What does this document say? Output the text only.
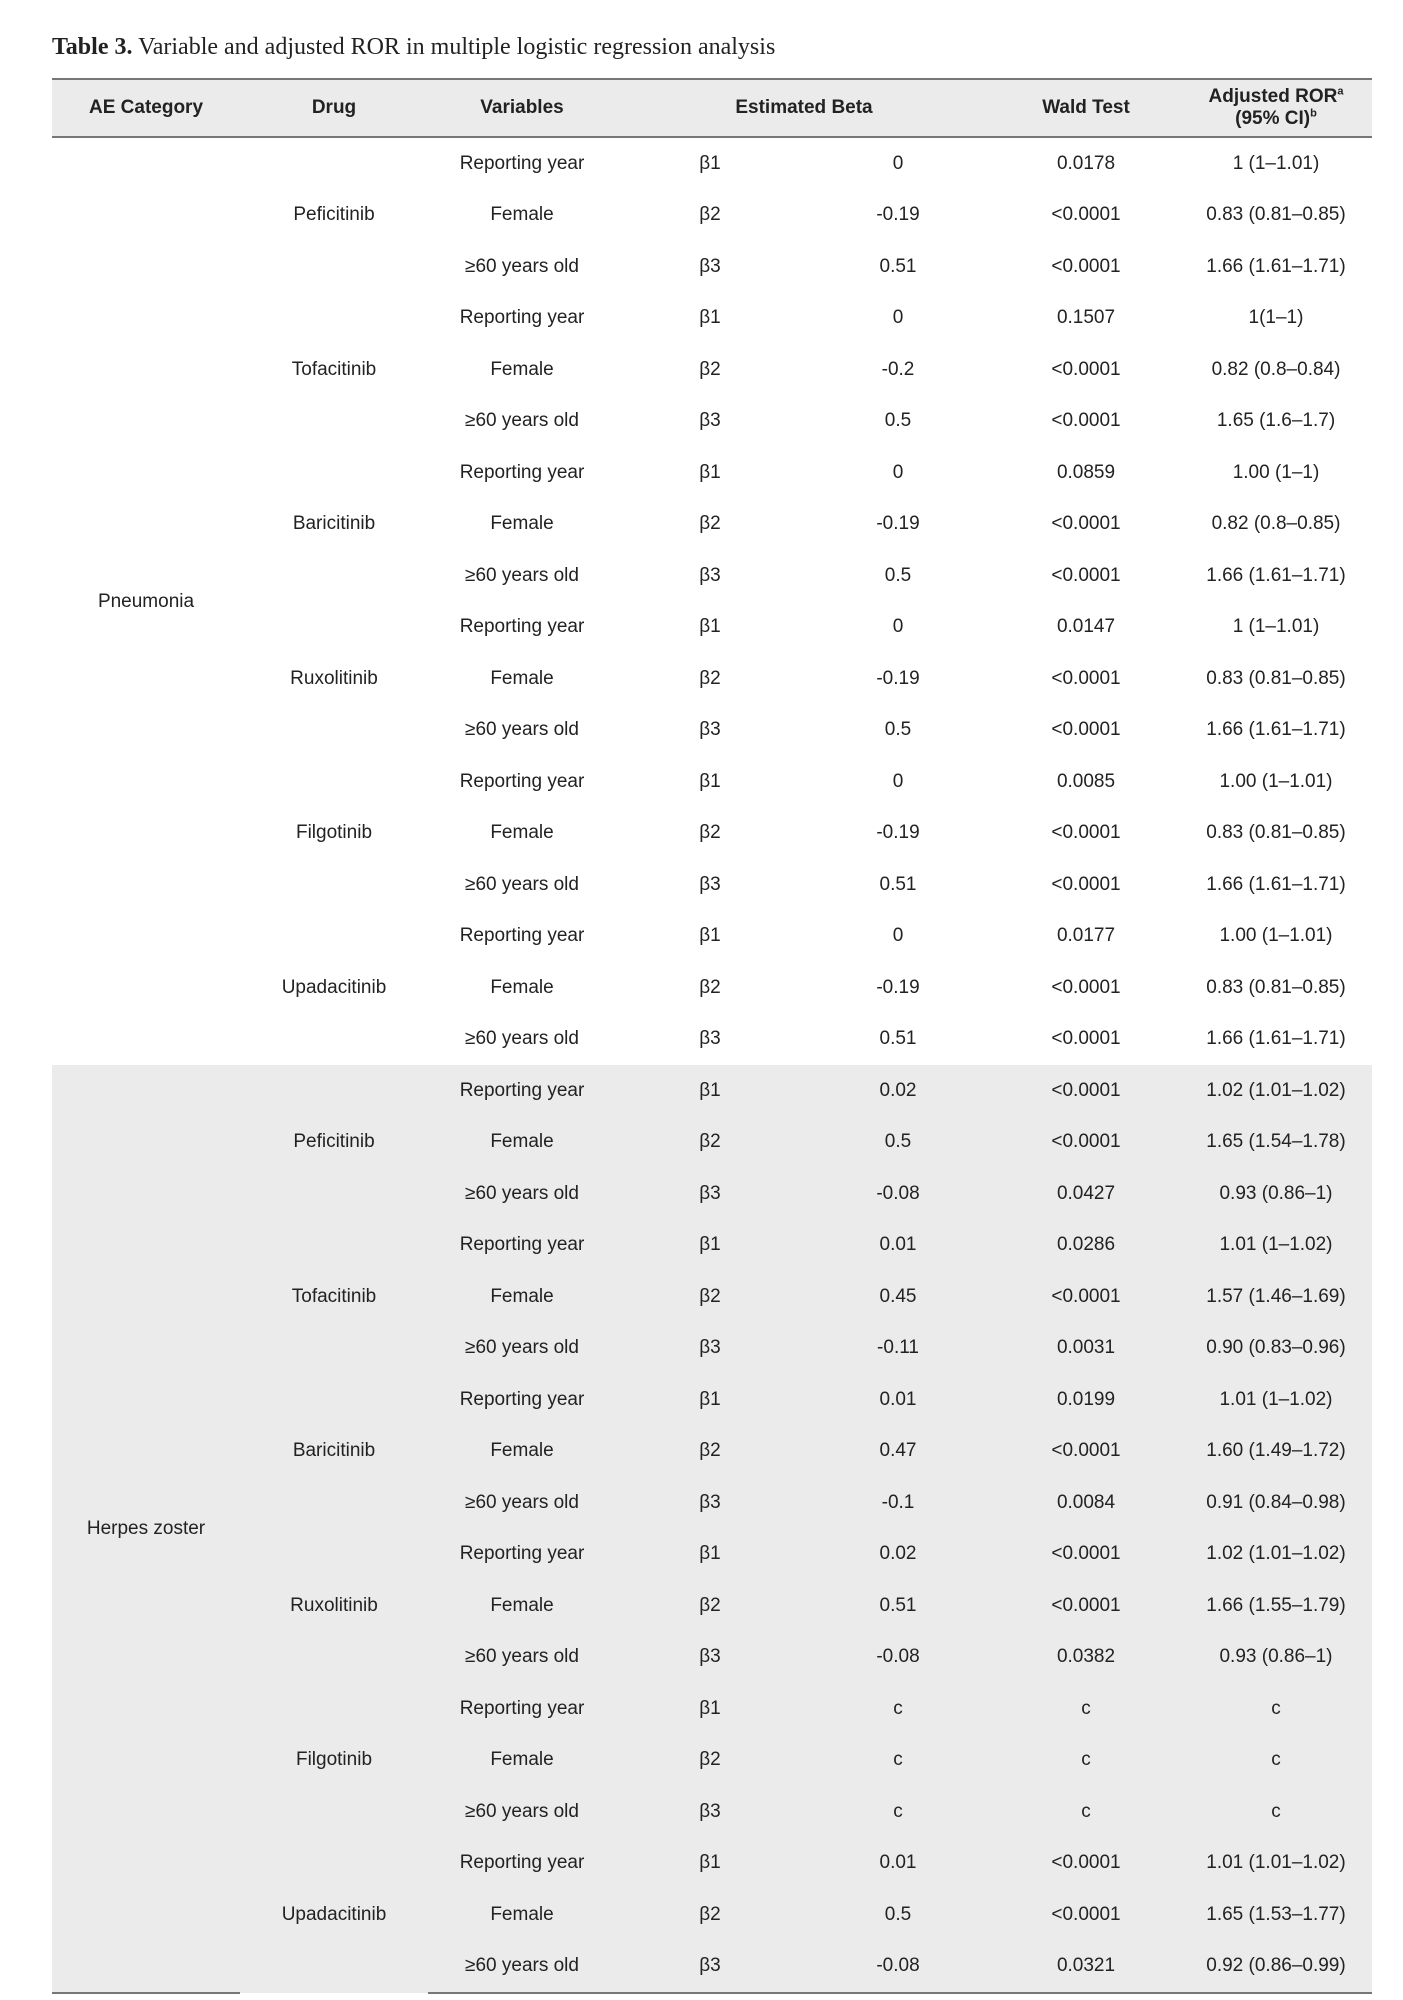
Table 3. Variable and adjusted ROR in multiple logistic regression analysis
AE Category	Drug	Variables	Estimated Beta		Wald Test	Adjusted ROR$^a$
(95% CI)$^b$

Pneumonia	Peficitinib	Reporting year	β1	0	0.0178	1 (1–1.01)
		Female	β2	-0.19	<0.0001	0.83 (0.81–0.85)
		≥60 years old	β3	0.51	<0.0001	1.66 (1.61–1.71)
	Tofacitinib	Reporting year	β1	0	0.1507	1(1–1)
		Female	β2	-0.2	<0.0001	0.82 (0.8–0.84)
		≥60 years old	β3	0.5	<0.0001	1.65 (1.6–1.7)
	Baricitinib	Reporting year	β1	0	0.0859	1.00 (1–1)
		Female	β2	-0.19	<0.0001	0.82 (0.8–0.85)
		≥60 years old	β3	0.5	<0.0001	1.66 (1.61–1.71)
	Ruxolitinib	Reporting year	β1	0	0.0147	1 (1–1.01)
		Female	β2	-0.19	<0.0001	0.83 (0.81–0.85)
		≥60 years old	β3	0.5	<0.0001	1.66 (1.61–1.71)
	Filgotinib	Reporting year	β1	0	0.0085	1.00 (1–1.01)
		Female	β2	-0.19	<0.0001	0.83 (0.81–0.85)
		≥60 years old	β3	0.51	<0.0001	1.66 (1.61–1.71)
	Upadacitinib	Reporting year	β1	0	0.0177	1.00 (1–1.01)
		Female	β2	-0.19	<0.0001	0.83 (0.81–0.85)
		≥60 years old	β3	0.51	<0.0001	1.66 (1.61–1.71)
Herpes zoster	Peficitinib	Reporting year	β1	0.02	<0.0001	1.02 (1.01–1.02)
		Female	β2	0.5	<0.0001	1.65 (1.54–1.78)
		≥60 years old	β3	-0.08	0.0427	0.93 (0.86–1)
	Tofacitinib	Reporting year	β1	0.01	0.0286	1.01 (1–1.02)
		Female	β2	0.45	<0.0001	1.57 (1.46–1.69)
		≥60 years old	β3	-0.11	0.0031	0.90 (0.83–0.96)
	Baricitinib	Reporting year	β1	0.01	0.0199	1.01 (1–1.02)
		Female	β2	0.47	<0.0001	1.60 (1.49–1.72)
		≥60 years old	β3	-0.1	0.0084	0.91 (0.84–0.98)
	Ruxolitinib	Reporting year	β1	0.02	<0.0001	1.02 (1.01–1.02)
		Female	β2	0.51	<0.0001	1.66 (1.55–1.79)
		≥60 years old	β3	-0.08	0.0382	0.93 (0.86–1)
	Filgotinib	Reporting year	β1	c	c	c
		Female	β2	c	c	c
		≥60 years old	β3	c	c	c
	Upadacitinib	Reporting year	β1	0.01	<0.0001	1.01 (1.01–1.02)
		Female	β2	0.5	<0.0001	1.65 (1.53–1.77)
		≥60 years old	β3	-0.08	0.0321	0.92 (0.86–0.99)
